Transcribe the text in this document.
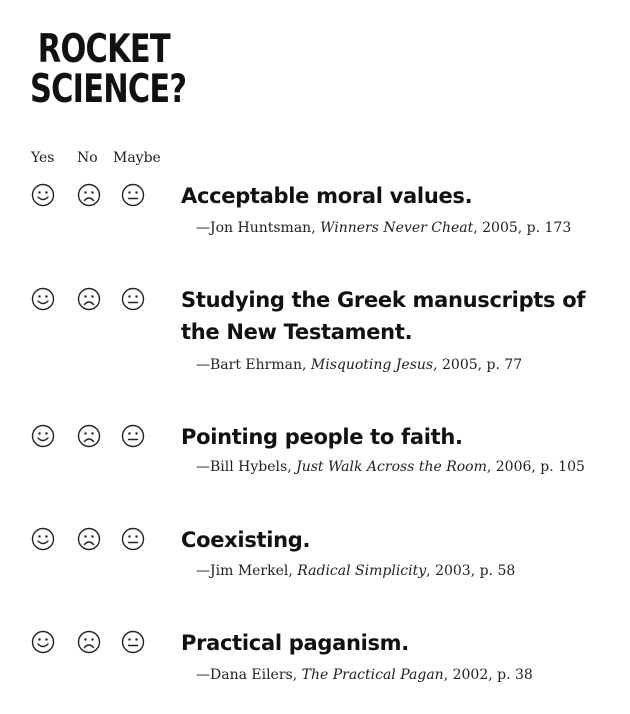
ROCKET
SCIENCE?
Yes No Maybe

Acceptable moral values.

—Jon Huntsman, Winners Never Cheat, 2005, p. 173

Studying the Greek manuscripts of the New Testament.

—Bart Ehrman, Misquoting Jesus, 2005, p. 77

Pointing people to faith.

—Bill Hybels, Just Walk Across the Room, 2006, p. 105

Coexisting.

—Jim Merkel, Radical Simplicity, 2003, p. 58

Practical paganism.

—Dana Eilers, The Practical Pagan, 2002, p. 38
